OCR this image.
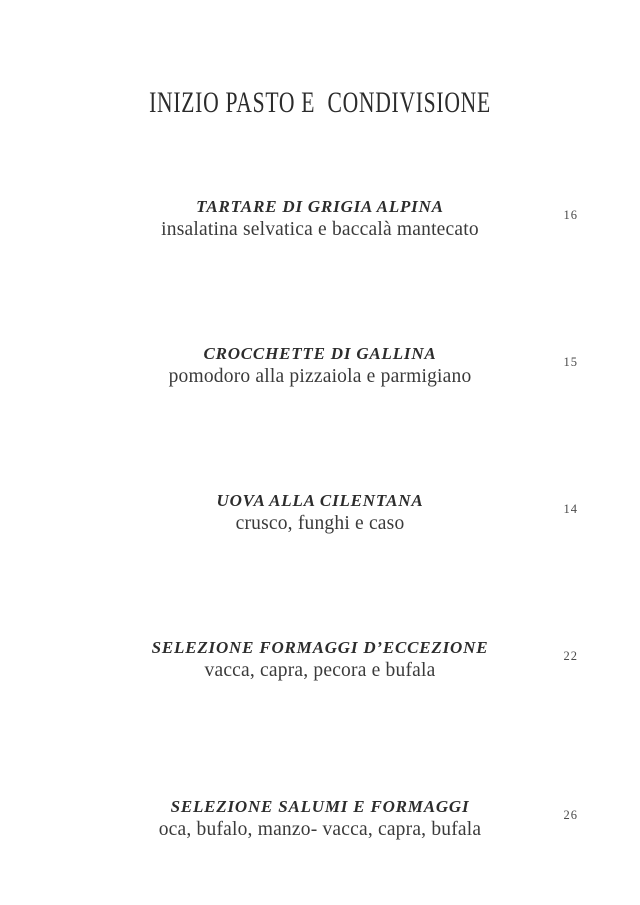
INIZIO PASTO E  CONDIVISIONE
TARTARE DI GRIGIA ALPINA
insalatina selvatica e baccalà mantecato
16
CROCCHETTE DI GALLINA
pomodoro alla pizzaiola e parmigiano
15
UOVA ALLA CILENTANA
crusco, funghi e caso
14
SELEZIONE FORMAGGI D’ECCEZIONE
vacca, capra, pecora e bufala
22
SELEZIONE SALUMI E FORMAGGI
oca, bufalo, manzo- vacca, capra, bufala
26
